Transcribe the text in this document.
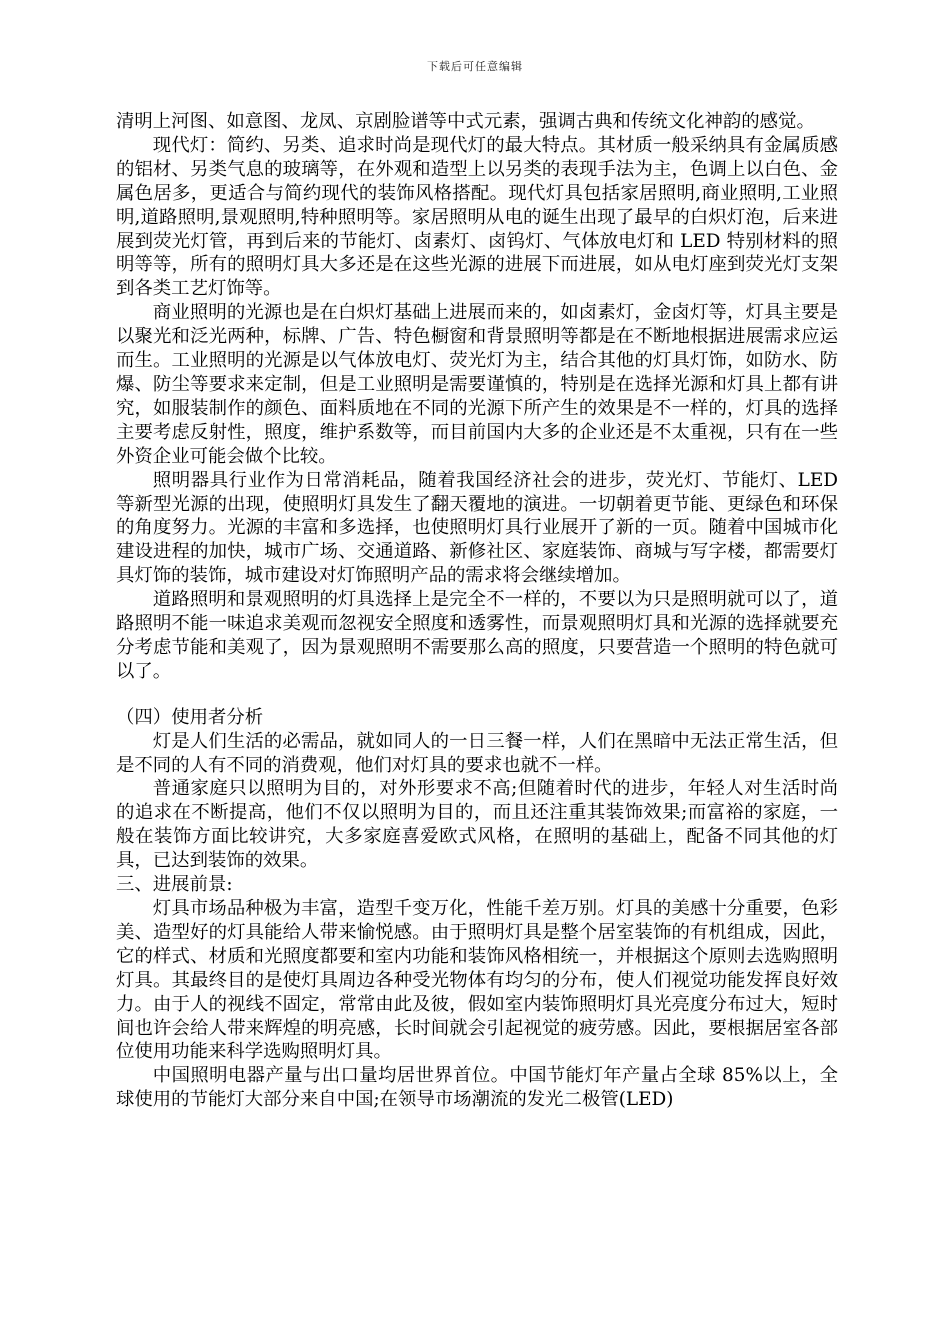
下载后可任意编辑

清明上河图、如意图、龙凤、京剧脸谱等中式元素，强调古典和传统文化神韵的感觉。

现代灯：简约、另类、追求时尚是现代灯的最大特点。其材质一般采纳具有金属质感的铝材、另类气息的玻璃等，在外观和造型上以另类的表现手法为主，色调上以白色、金属色居多，更适合与简约现代的装饰风格搭配。现代灯具包括家居照明,商业照明,工业照明,道路照明,景观照明,特种照明等。家居照明从电的诞生出现了最早的白炽灯泡，后来进展到荧光灯管，再到后来的节能灯、卤素灯、卤钨灯、气体放电灯和 LED 特别材料的照明等等，所有的照明灯具大多还是在这些光源的进展下而进展，如从电灯座到荧光灯支架到各类工艺灯饰等。

商业照明的光源也是在白炽灯基础上进展而来的，如卤素灯，金卤灯等，灯具主要是以聚光和泛光两种，标牌、广告、特色橱窗和背景照明等都是在不断地根据进展需求应运而生。工业照明的光源是以气体放电灯、荧光灯为主，结合其他的灯具灯饰，如防水、防爆、防尘等要求来定制，但是工业照明是需要谨慎的，特别是在选择光源和灯具上都有讲究，如服装制作的颜色、面料质地在不同的光源下所产生的效果是不一样的，灯具的选择主要考虑反射性，照度，维护系数等，而目前国内大多的企业还是不太重视，只有在一些外资企业可能会做个比较。

照明器具行业作为日常消耗品，随着我国经济社会的进步，荧光灯、节能灯、LED 等新型光源的出现，使照明灯具发生了翻天覆地的演进。一切朝着更节能、更绿色和环保的角度努力。光源的丰富和多选择，也使照明灯具行业展开了新的一页。随着中国城市化建设进程的加快，城市广场、交通道路、新修社区、家庭装饰、商城与写字楼，都需要灯具灯饰的装饰，城市建设对灯饰照明产品的需求将会继续增加。

道路照明和景观照明的灯具选择上是完全不一样的，不要以为只是照明就可以了，道路照明不能一味追求美观而忽视安全照度和透雾性，而景观照明灯具和光源的选择就要充分考虑节能和美观了，因为景观照明不需要那么高的照度，只要营造一个照明的特色就可以了。

（四）使用者分析

灯是人们生活的必需品，就如同人的一日三餐一样，人们在黑暗中无法正常生活，但是不同的人有不同的消费观，他们对灯具的要求也就不一样。

普通家庭只以照明为目的，对外形要求不高;但随着时代的进步，年轻人对生活时尚的追求在不断提高，他们不仅以照明为目的，而且还注重其装饰效果;而富裕的家庭，一般在装饰方面比较讲究，大多家庭喜爱欧式风格，在照明的基础上，配备不同其他的灯具，已达到装饰的效果。

三、进展前景:

灯具市场品种极为丰富，造型千变万化，性能千差万别。灯具的美感十分重要，色彩美、造型好的灯具能给人带来愉悦感。由于照明灯具是整个居室装饰的有机组成，因此，它的样式、材质和光照度都要和室内功能和装饰风格相统一，并根据这个原则去选购照明灯具。其最终目的是使灯具周边各种受光物体有均匀的分布，使人们视觉功能发挥良好效力。由于人的视线不固定，常常由此及彼，假如室内装饰照明灯具光亮度分布过大，短时间也许会给人带来辉煌的明亮感，长时间就会引起视觉的疲劳感。因此，要根据居室各部位使用功能来科学选购照明灯具。

中国照明电器产量与出口量均居世界首位。中国节能灯年产量占全球 85%以上，全球使用的节能灯大部分来自中国;在领导市场潮流的发光二极管(LED)
